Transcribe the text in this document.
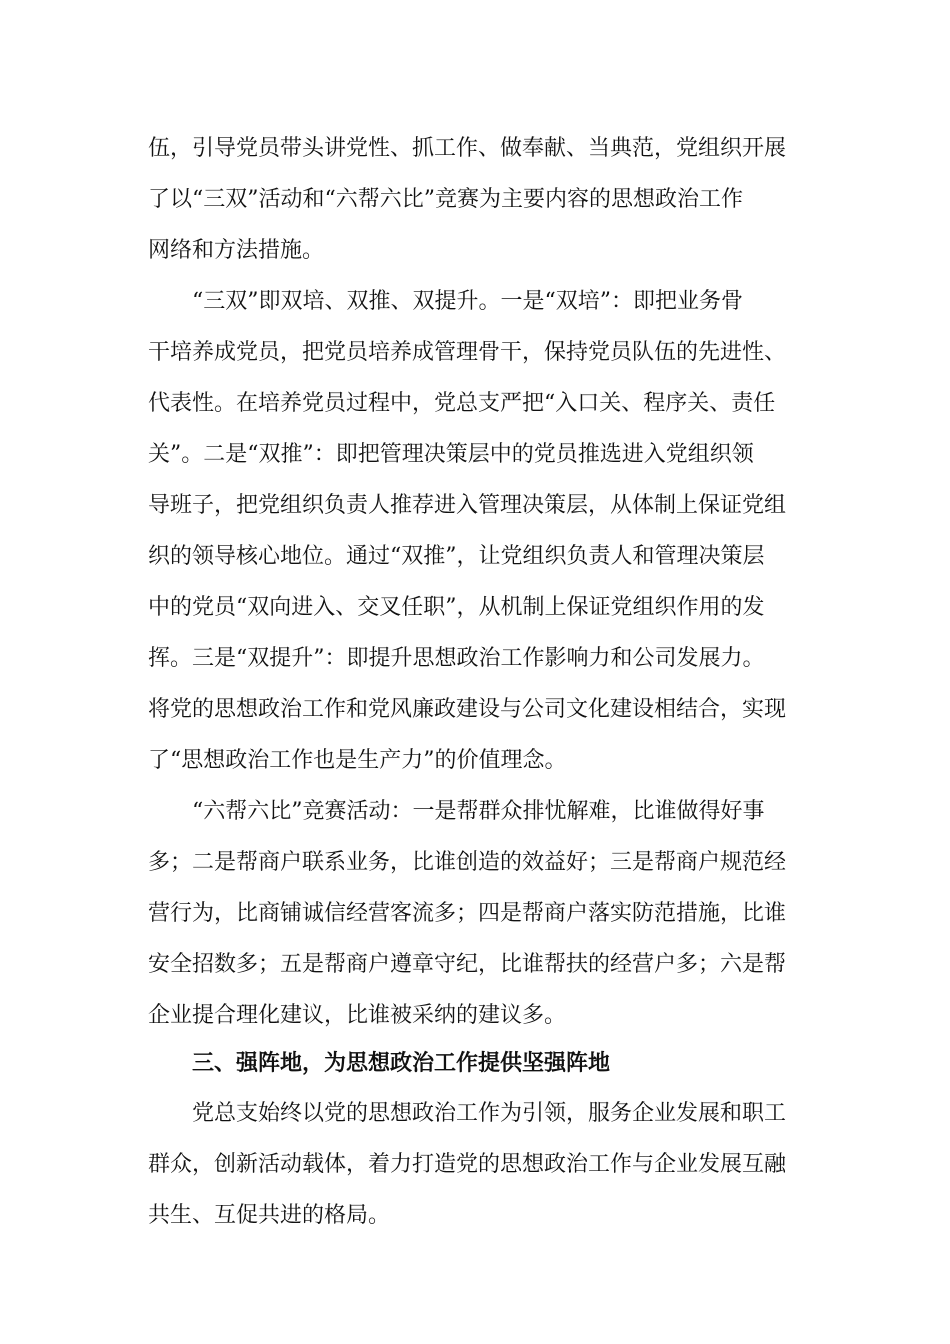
伍，引导党员带头讲党性、抓工作、做奉献、当典范，党组织开展
了以“三双”活动和“六帮六比”竞赛为主要内容的思想政治工作
网络和方法措施。
“三双”即双培、双推、双提升。一是“双培”：即把业务骨
干培养成党员，把党员培养成管理骨干，保持党员队伍的先进性、
代表性。在培养党员过程中，党总支严把“入口关、程序关、责任
关”。二是“双推”：即把管理决策层中的党员推选进入党组织领
导班子，把党组织负责人推荐进入管理决策层，从体制上保证党组
织的领导核心地位。通过“双推”，让党组织负责人和管理决策层
中的党员“双向进入、交叉任职”，从机制上保证党组织作用的发
挥。三是“双提升”：即提升思想政治工作影响力和公司发展力。
将党的思想政治工作和党风廉政建设与公司文化建设相结合，实现
了“思想政治工作也是生产力”的价值理念。
“六帮六比”竞赛活动：一是帮群众排忧解难，比谁做得好事
多；二是帮商户联系业务，比谁创造的效益好；三是帮商户规范经
营行为，比商铺诚信经营客流多；四是帮商户落实防范措施，比谁
安全招数多；五是帮商户遵章守纪，比谁帮扶的经营户多；六是帮
企业提合理化建议，比谁被采纳的建议多。
三、强阵地，为思想政治工作提供坚强阵地
党总支始终以党的思想政治工作为引领，服务企业发展和职工
群众，创新活动载体，着力打造党的思想政治工作与企业发展互融
共生、互促共进的格局。
